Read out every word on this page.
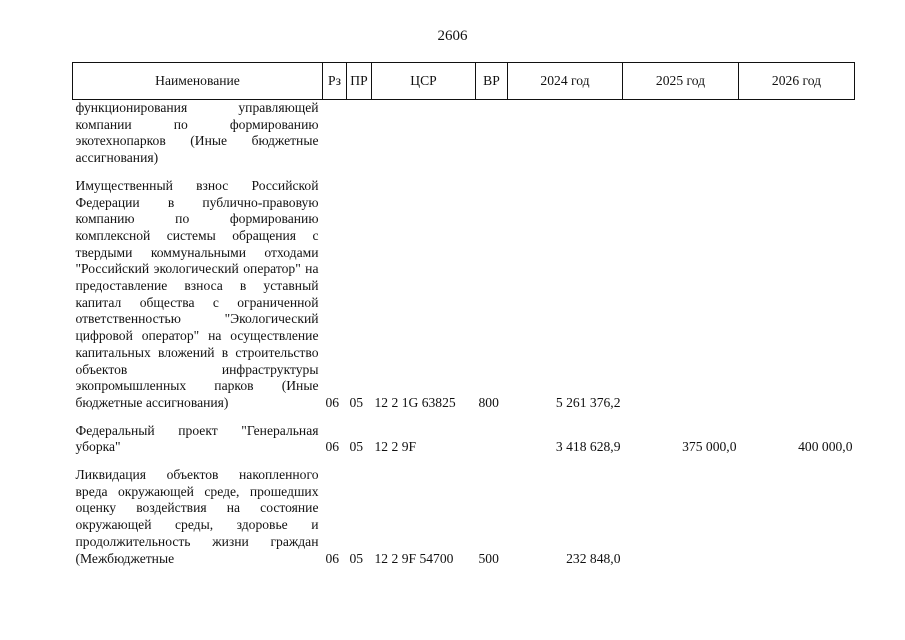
2606
Наименование	Рз	ПР	ЦСР	ВР	2024 год	2025 год	2026 год
функционирования управляющей компании по формированию экотехнопарков (Иные бюджетные ассигнования)							
Имущественный взнос Российской Федерации в публично-правовую компанию по формированию комплексной системы обращения с твердыми коммунальными отходами "Российский экологический оператор" на предоставление взноса в уставный капитал общества с ограниченной ответственностью "Экологический цифровой оператор" на осуществление капитальных вложений в строительство объектов инфраструктуры экопромышленных парков (Иные бюджетные ассигнования)	06	05	12 2 1G 63825	800	5 261 376,2		
Федеральный проект "Генеральная уборка"	06	05	12 2 9F		3 418 628,9	375 000,0	400 000,0
Ликвидация объектов накопленного вреда окружающей среде, прошедших оценку воздействия на состояние окружающей среды, здоровье и продолжительность жизни граждан (Межбюджетные	06	05	12 2 9F 54700	500	232 848,0		
